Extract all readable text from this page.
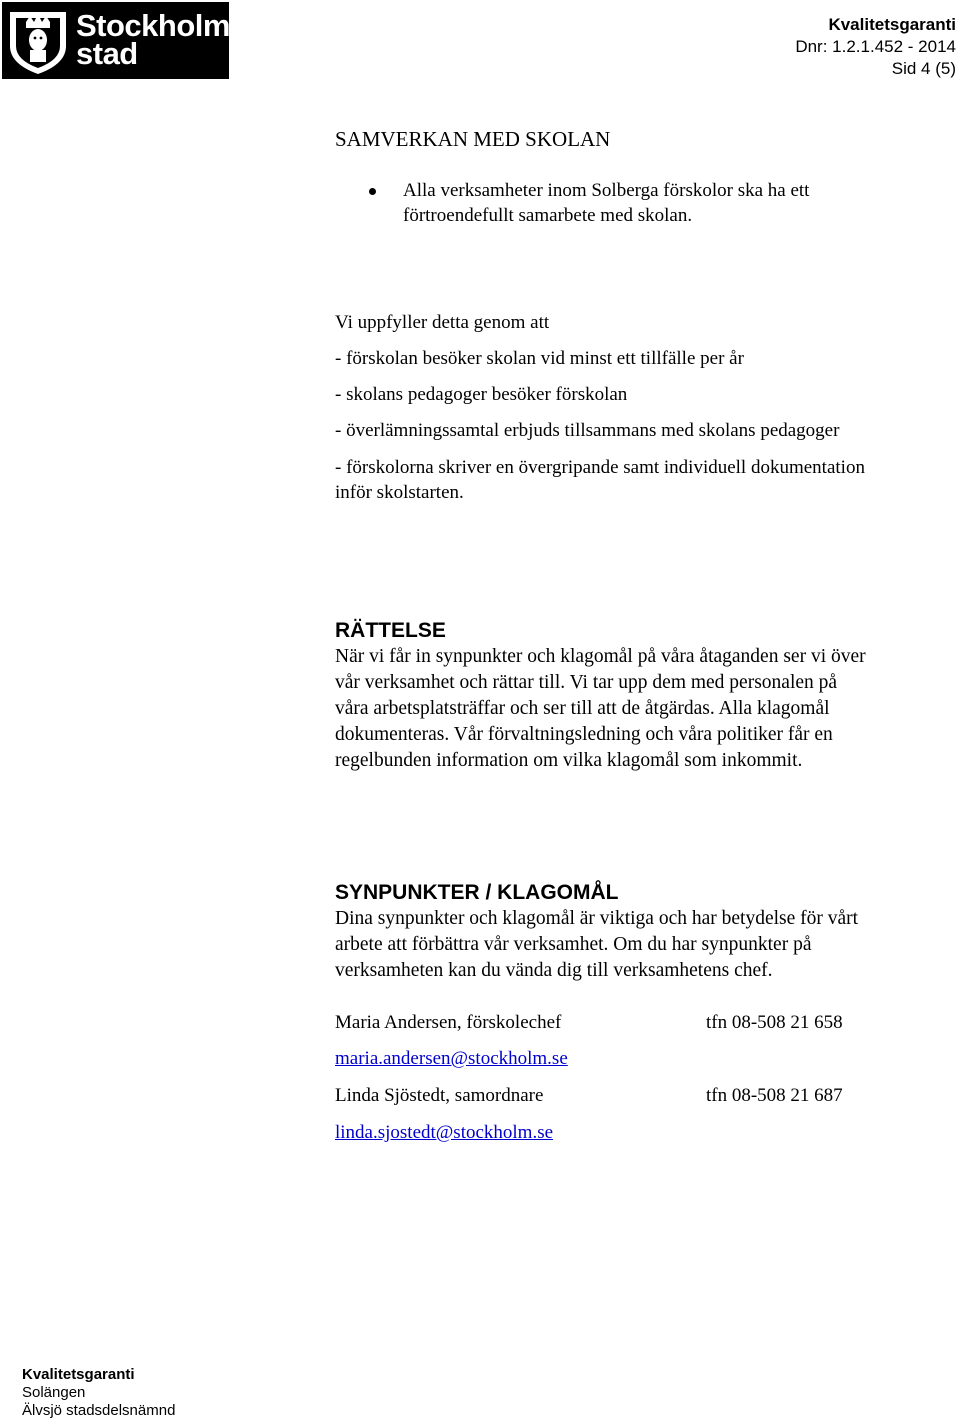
Stockholms
stad
Kvalitetsgaranti
Dnr: 1.2.1.452 - 2014
Sid 4 (5)
SAMVERKAN MED SKOLAN
Alla verksamheter inom Solberga förskolor ska ha ett
förtroendefullt samarbete med skolan.
Vi uppfyller detta genom att
- förskolan besöker skolan vid minst ett tillfälle per år
- skolans pedagoger besöker förskolan
- överlämningssamtal erbjuds tillsammans med skolans pedagoger
- förskolorna skriver en övergripande samt individuell dokumentation
inför skolstarten.
RÄTTELSE
När vi får in synpunkter och klagomål på våra åtaganden ser vi över
vår verksamhet och rättar till. Vi tar upp dem med personalen på
våra arbetsplatsträffar och ser till att de åtgärdas. Alla klagomål
dokumenteras. Vår förvaltningsledning och våra politiker får en
regelbunden information om vilka klagomål som inkommit.
SYNPUNKTER / KLAGOMÅL
Dina synpunkter och klagomål är viktiga och har betydelse för vårt
arbete att förbättra vår verksamhet. Om du har synpunkter på
verksamheten kan du vända dig till verksamhetens chef.
Maria Andersen, förskolechef	tfn 08-508 21 658
maria.andersen@stockholm.se
Linda Sjöstedt, samordnare	tfn 08-508 21 687
linda.sjostedt@stockholm.se
Kvalitetsgaranti
Solängen
Älvsjö stadsdelsnämnd
